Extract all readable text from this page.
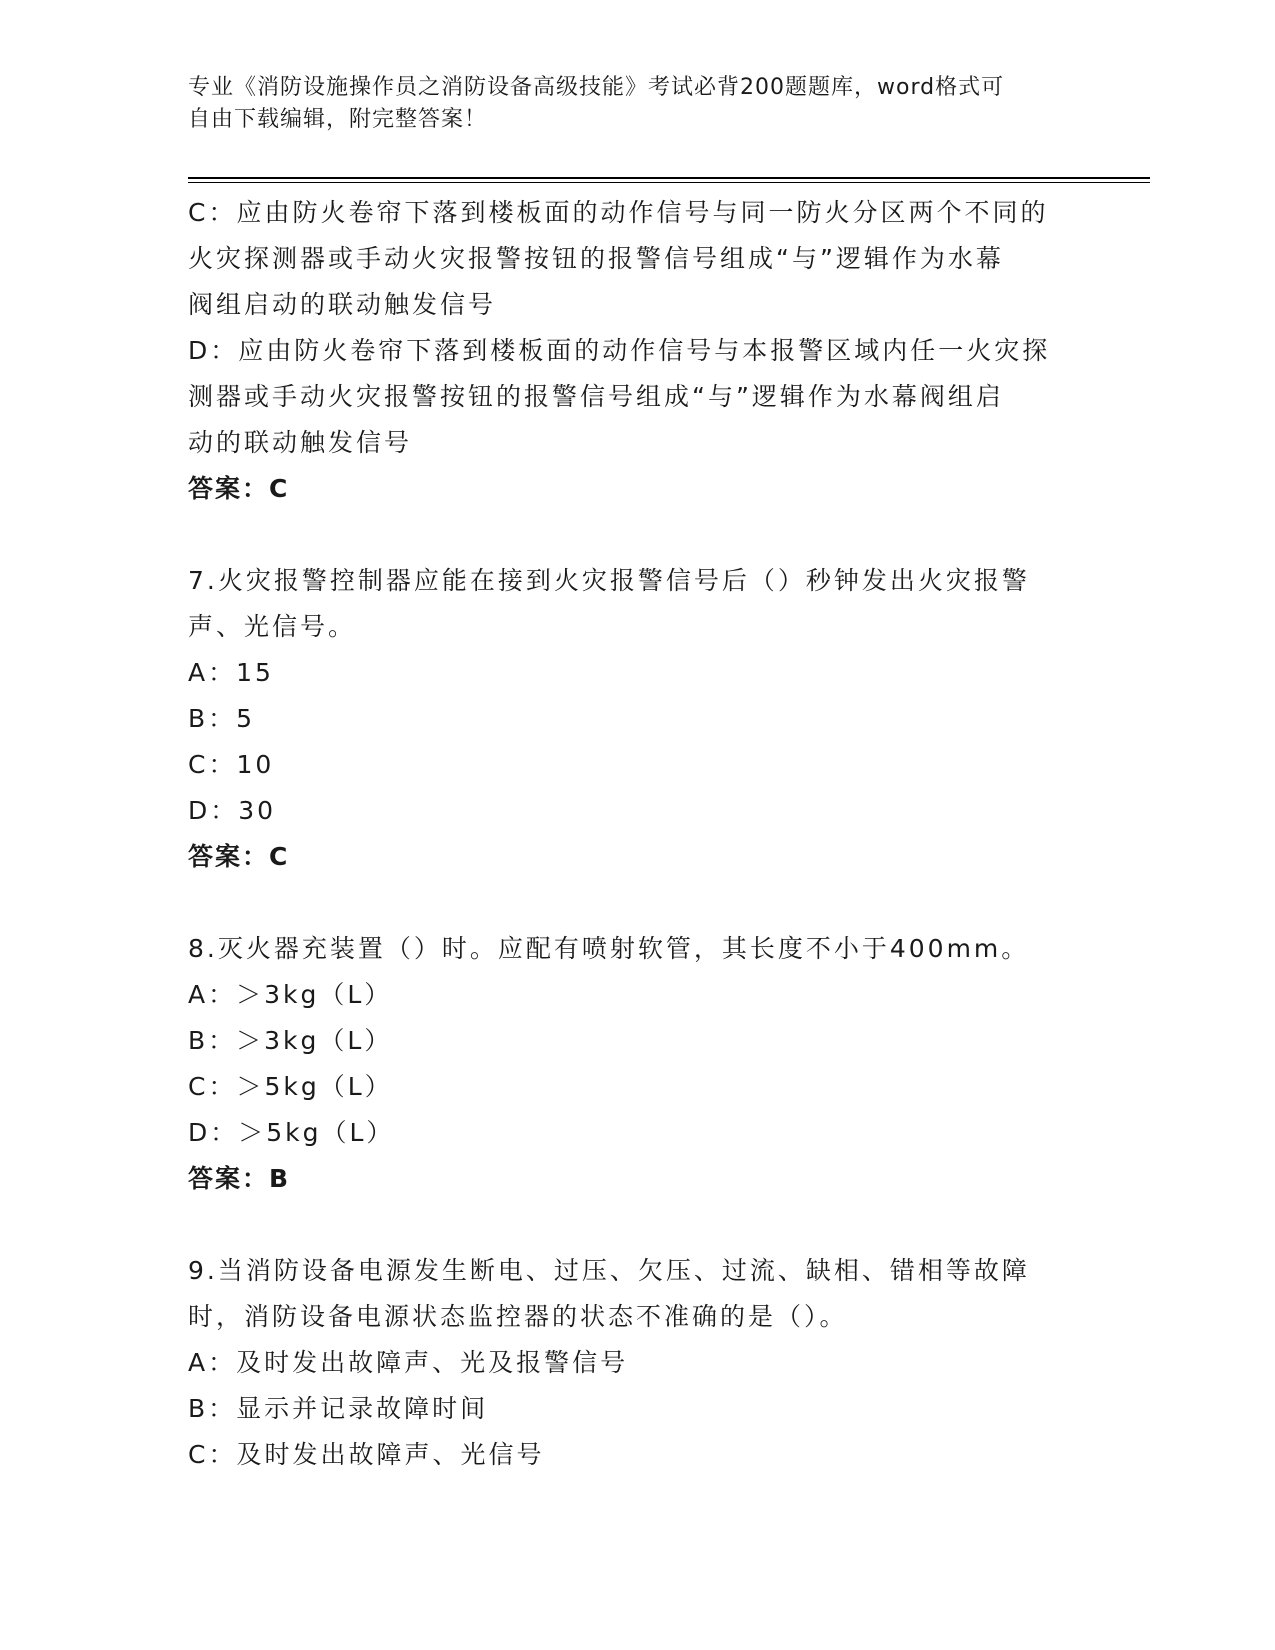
专业《消防设施操作员之消防设备高级技能》考试必背200题题库，word格式可
自由下载编辑，附完整答案！
C：应由防火卷帘下落到楼板面的动作信号与同一防火分区两个不同的
火灾探测器或手动火灾报警按钮的报警信号组成“与”逻辑作为水幕
阀组启动的联动触发信号
D：应由防火卷帘下落到楼板面的动作信号与本报警区域内任一火灾探
测器或手动火灾报警按钮的报警信号组成“与”逻辑作为水幕阀组启
动的联动触发信号
答案：C
7.火灾报警控制器应能在接到火灾报警信号后（）秒钟发出火灾报警
声、光信号。
A：15
B：5
C：10
D：30
答案：C
8.灭火器充装置（）时。应配有喷射软管，其长度不小于400mm。
A：＞3kg（L）
B：＞3kg（L）
C：＞5kg（L）
D：＞5kg（L）
答案：B
9.当消防设备电源发生断电、过压、欠压、过流、缺相、错相等故障
时，消防设备电源状态监控器的状态不准确的是（）。
A：及时发出故障声、光及报警信号
B：显示并记录故障时间
C：及时发出故障声、光信号
